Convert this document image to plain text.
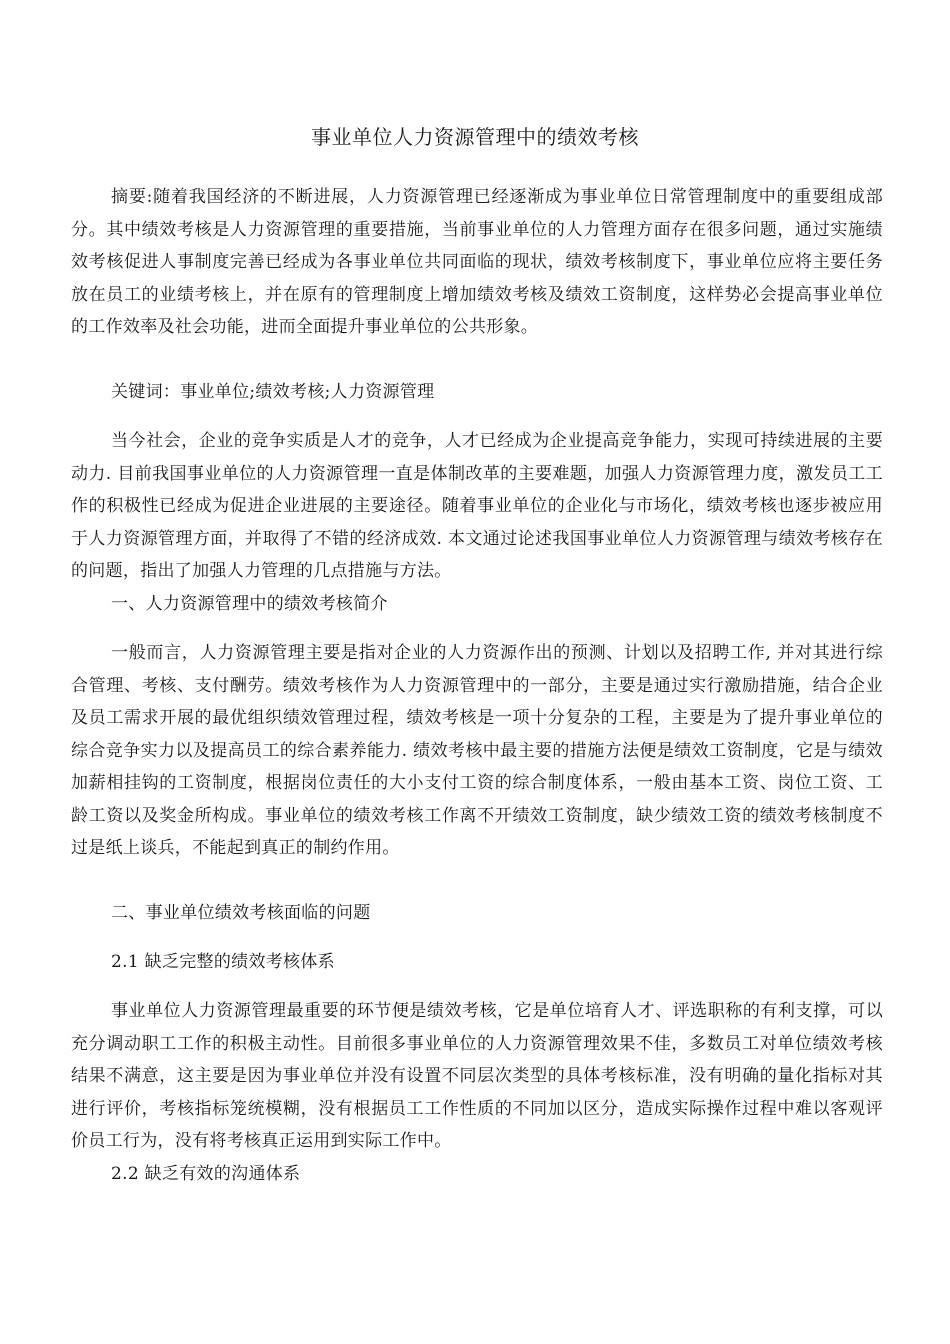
事业单位人力资源管理中的绩效考核

摘要:随着我国经济的不断进展，人力资源管理已经逐渐成为事业单位日常管理制度中的重要组成部分。其中绩效考核是人力资源管理的重要措施，当前事业单位的人力管理方面存在很多问题，通过实施绩效考核促进人事制度完善已经成为各事业单位共同面临的现状，绩效考核制度下，事业单位应将主要任务放在员工的业绩考核上，并在原有的管理制度上增加绩效考核及绩效工资制度，这样势必会提高事业单位的工作效率及社会功能，进而全面提升事业单位的公共形象。

关键词：事业单位;绩效考核;人力资源管理

当今社会，企业的竞争实质是人才的竞争，人才已经成为企业提高竞争能力，实现可持续进展的主要动力. 目前我国事业单位的人力资源管理一直是体制改革的主要难题，加强人力资源管理力度，激发员工工作的积极性已经成为促进企业进展的主要途径。随着事业单位的企业化与市场化，绩效考核也逐步被应用于人力资源管理方面，并取得了不错的经济成效. 本文通过论述我国事业单位人力资源管理与绩效考核存在的问题，指出了加强人力管理的几点措施与方法。

一、人力资源管理中的绩效考核简介

一般而言，人力资源管理主要是指对企业的人力资源作出的预测、计划以及招聘工作, 并对其进行综合管理、考核、支付酬劳。绩效考核作为人力资源管理中的一部分，主要是通过实行激励措施，结合企业及员工需求开展的最优组织绩效管理过程，绩效考核是一项十分复杂的工程，主要是为了提升事业单位的综合竞争实力以及提高员工的综合素养能力. 绩效考核中最主要的措施方法便是绩效工资制度，它是与绩效加薪相挂钩的工资制度，根据岗位责任的大小支付工资的综合制度体系，一般由基本工资、岗位工资、工龄工资以及奖金所构成。事业单位的绩效考核工作离不开绩效工资制度，缺少绩效工资的绩效考核制度不过是纸上谈兵，不能起到真正的制约作用。

二、事业单位绩效考核面临的问题

2.1 缺乏完整的绩效考核体系

事业单位人力资源管理最重要的环节便是绩效考核，它是单位培育人才、评选职称的有利支撑，可以充分调动职工工作的积极主动性。目前很多事业单位的人力资源管理效果不佳，多数员工对单位绩效考核结果不满意，这主要是因为事业单位并没有设置不同层次类型的具体考核标准，没有明确的量化指标对其进行评价，考核指标笼统模糊，没有根据员工工作性质的不同加以区分，造成实际操作过程中难以客观评价员工行为，没有将考核真正运用到实际工作中。

2.2 缺乏有效的沟通体系
